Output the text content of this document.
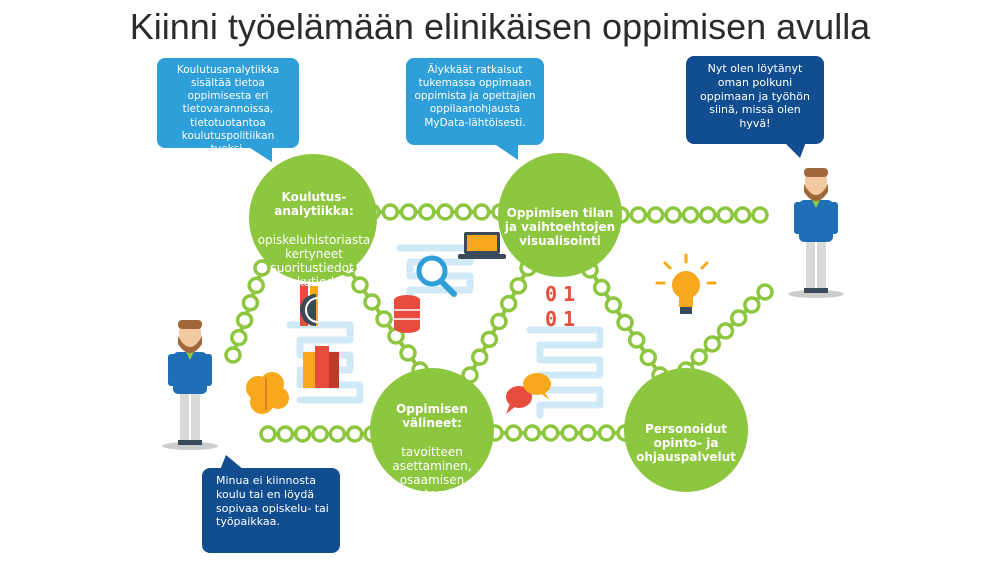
Kiinni työelämään elinikäisen oppimisen avulla
01
01
Koulutusanalytiikka
sisältää tietoa
oppimisesta eri
tietovarannoissa,
tietotuotantoa
koulutuspolitiikan tueksi.
Älykkäät ratkaisut
tukemassa oppimaan
oppimista ja opettajien
oppilaanohjausta
MyData-lähtöisesti.
Nyt olen löytänyt
oman polkuni
oppimaan ja työhön
siinä, missä olen
hyvä!
Minua ei kiinnosta
koulu tai en löydä
sopivaa opiskelu- tai
työpaikkaa.

Koulutus-
analytiikka:

opiskeluhistoriasta
kertyneet
suoritustiedot,
hakutiedot

Oppimisen tilan
ja vaihtoehtojen
visualisointi

Oppimisen
välineet:

tavoitteen
asettaminen,
osaamisen
todentaminen

Personoidut
opinto- ja
ohjauspalvelut
